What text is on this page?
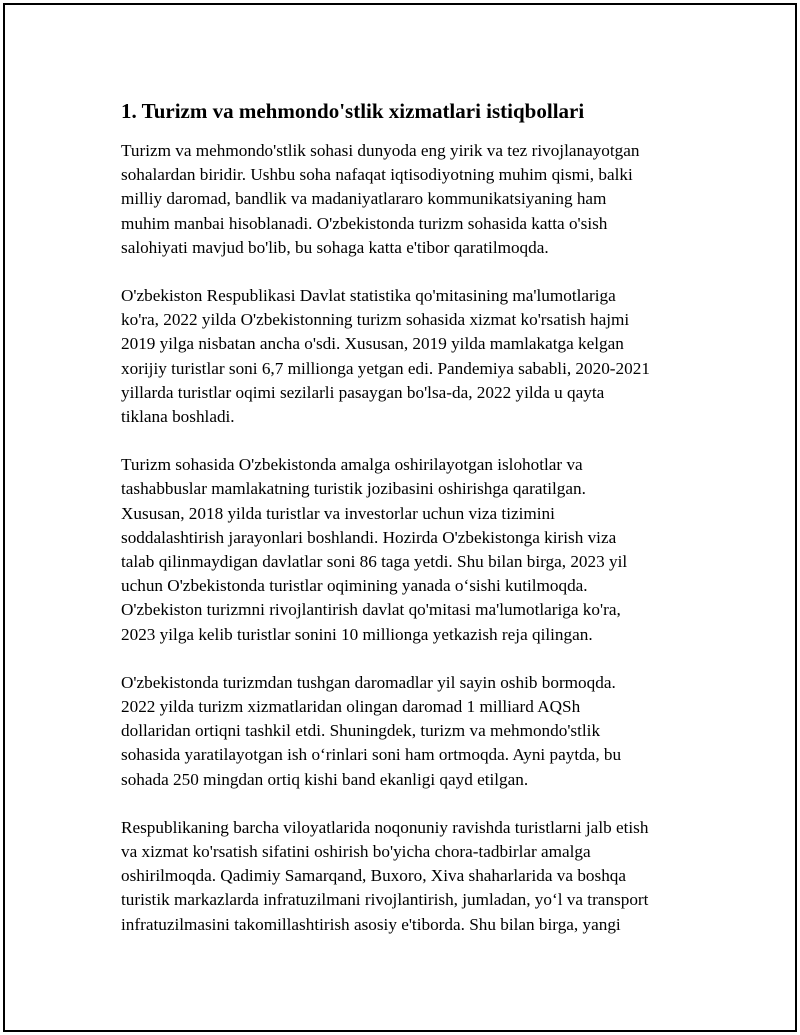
1. Turizm va mehmondo'stlik xizmatlari istiqbollari

Turizm va mehmondo'stlik sohasi dunyoda eng yirik va tez rivojlanayotgan
sohalardan biridir. Ushbu soha nafaqat iqtisodiyotning muhim qismi, balki
milliy daromad, bandlik va madaniyatlararo kommunikatsiyaning ham
muhim manbai hisoblanadi. O'zbekistonda turizm sohasida katta o'sish
salohiyati mavjud bo'lib, bu sohaga katta e'tibor qaratilmoqda.

O'zbekiston Respublikasi Davlat statistika qo'mitasining ma'lumotlariga
ko'ra, 2022 yilda O'zbekistonning turizm sohasida xizmat ko'rsatish hajmi
2019 yilga nisbatan ancha o'sdi. Xususan, 2019 yilda mamlakatga kelgan
xorijiy turistlar soni 6,7 millionga yetgan edi. Pandemiya sababli, 2020-2021
yillarda turistlar oqimi sezilarli pasaygan bo'lsa-da, 2022 yilda u qayta
tiklana boshladi.

Turizm sohasida O'zbekistonda amalga oshirilayotgan islohotlar va
tashabbuslar mamlakatning turistik jozibasini oshirishga qaratilgan.
Xususan, 2018 yilda turistlar va investorlar uchun viza tizimini
soddalashtirish jarayonlari boshlandi. Hozirda O'zbekistonga kirish viza
talab qilinmaydigan davlatlar soni 86 taga yetdi. Shu bilan birga, 2023 yil
uchun O'zbekistonda turistlar oqimining yanada o‘sishi kutilmoqda.
O'zbekiston turizmni rivojlantirish davlat qo'mitasi ma'lumotlariga ko'ra,
2023 yilga kelib turistlar sonini 10 millionga yetkazish reja qilingan.

O'zbekistonda turizmdan tushgan daromadlar yil sayin oshib bormoqda.
2022 yilda turizm xizmatlaridan olingan daromad 1 milliard AQSh
dollaridan ortiqni tashkil etdi. Shuningdek, turizm va mehmondo'stlik
sohasida yaratilayotgan ish o‘rinlari soni ham ortmoqda. Ayni paytda, bu
sohada 250 mingdan ortiq kishi band ekanligi qayd etilgan.

Respublikaning barcha viloyatlarida noqonuniy ravishda turistlarni jalb etish
va xizmat ko'rsatish sifatini oshirish bo'yicha chora-tadbirlar amalga
oshirilmoqda. Qadimiy Samarqand, Buxoro, Xiva shaharlarida va boshqa
turistik markazlarda infratuzilmani rivojlantirish, jumladan, yo‘l va transport
infratuzilmasini takomillashtirish asosiy e'tiborda. Shu bilan birga, yangi
